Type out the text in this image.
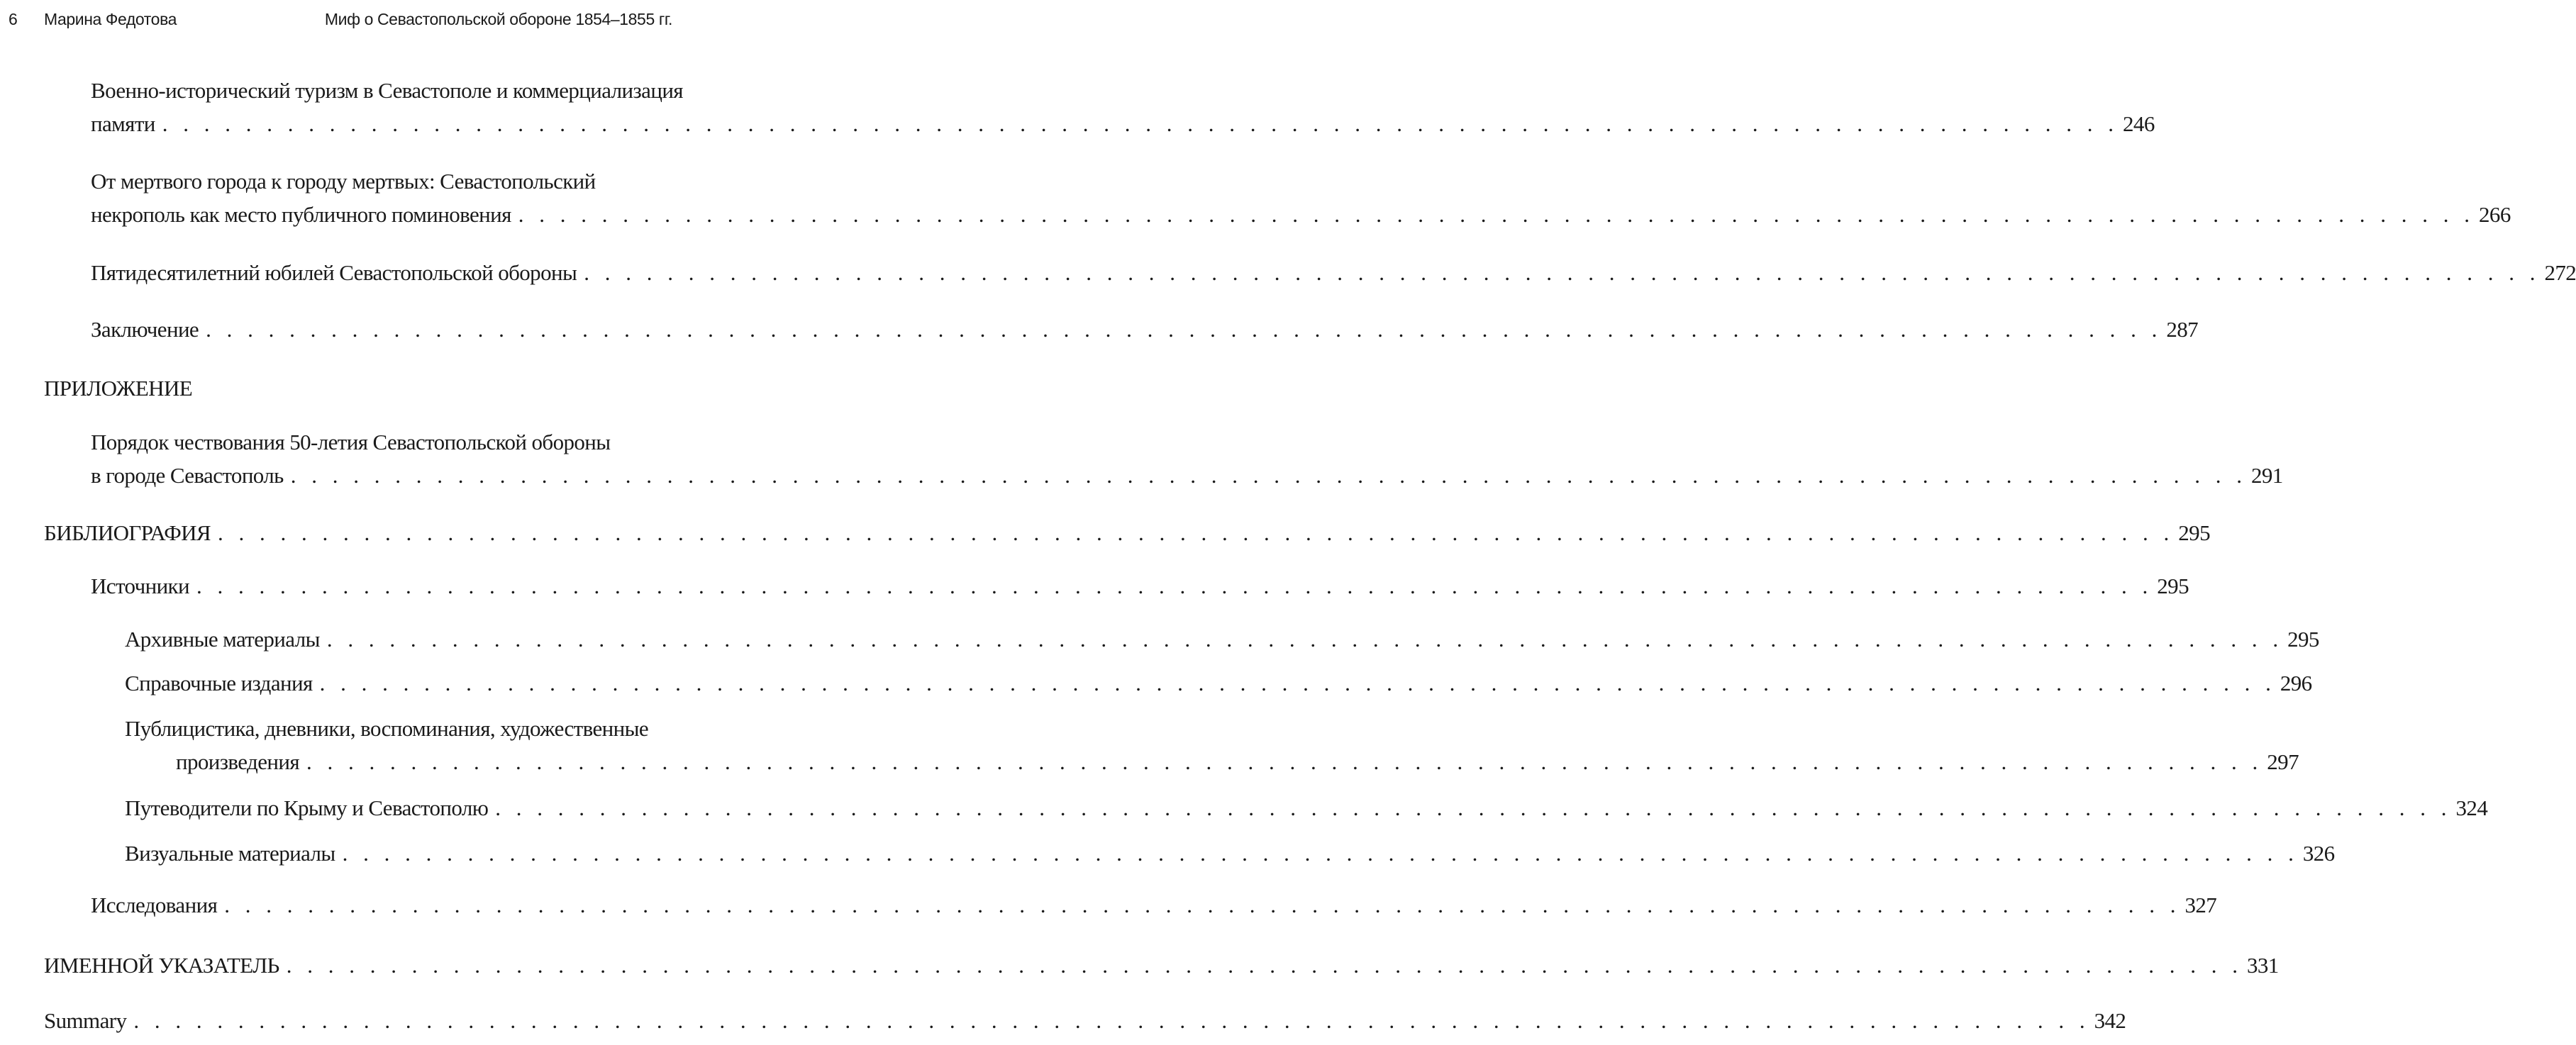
6 Марина Федотова	Миф о Севастопольской обороне 1854–1855 гг.
Военно-исторический туризм в Севастополе и коммерциализация
памяти . . . . . . . . . . . . . . . . . . . . . . . . . . . . . . . . . . . . . . . . . . . . . . . . . . . . . . . . . . . . . . . . . . . . . . . . . . . . . . . . . . . . . . . . . . . . . . 246
От мертвого города к городу мертвых: Севастопольский
некрополь как место публичного поминовения . . . . . . . . . . . . . . . . . . . . . . . . . . . . . . . . . . . . . . . . . . . . . . . . . . . . . . . . . . . . . . . . . . . . . . . . . . . . . . . . . . . . . . . . . . . . . . 266
Пятидесятилетний юбилей Севастопольской обороны . . . . . . . . . . . . . . . . . . . . . . . . . . . . . . . . . . . . . . . . . . . . . . . . . . . . . . . . . . . . . . . . . . . . . . . . . . . . . . . . . . . . . . . . . . . . . . 272
Заключение . . . . . . . . . . . . . . . . . . . . . . . . . . . . . . . . . . . . . . . . . . . . . . . . . . . . . . . . . . . . . . . . . . . . . . . . . . . . . . . . . . . . . . . . . . . . . . 287
ПРИЛОЖЕНИЕ
Порядок чествования 50-летия Севастопольской обороны
в городе Севастополь . . . . . . . . . . . . . . . . . . . . . . . . . . . . . . . . . . . . . . . . . . . . . . . . . . . . . . . . . . . . . . . . . . . . . . . . . . . . . . . . . . . . . . . . . . . . . . 291
БИБЛИОГРАФИЯ . . . . . . . . . . . . . . . . . . . . . . . . . . . . . . . . . . . . . . . . . . . . . . . . . . . . . . . . . . . . . . . . . . . . . . . . . . . . . . . . . . . . . . . . . . . . . . 295
Источники . . . . . . . . . . . . . . . . . . . . . . . . . . . . . . . . . . . . . . . . . . . . . . . . . . . . . . . . . . . . . . . . . . . . . . . . . . . . . . . . . . . . . . . . . . . . . . 295
Архивные материалы . . . . . . . . . . . . . . . . . . . . . . . . . . . . . . . . . . . . . . . . . . . . . . . . . . . . . . . . . . . . . . . . . . . . . . . . . . . . . . . . . . . . . . . . . . . . . . 295
Справочные издания . . . . . . . . . . . . . . . . . . . . . . . . . . . . . . . . . . . . . . . . . . . . . . . . . . . . . . . . . . . . . . . . . . . . . . . . . . . . . . . . . . . . . . . . . . . . . . 296
Публицистика, дневники, воспоминания, художественные
произведения . . . . . . . . . . . . . . . . . . . . . . . . . . . . . . . . . . . . . . . . . . . . . . . . . . . . . . . . . . . . . . . . . . . . . . . . . . . . . . . . . . . . . . . . . . . . . . 297
Путеводители по Крыму и Севастополю . . . . . . . . . . . . . . . . . . . . . . . . . . . . . . . . . . . . . . . . . . . . . . . . . . . . . . . . . . . . . . . . . . . . . . . . . . . . . . . . . . . . . . . . . . . . . . 324
Визуальные материалы . . . . . . . . . . . . . . . . . . . . . . . . . . . . . . . . . . . . . . . . . . . . . . . . . . . . . . . . . . . . . . . . . . . . . . . . . . . . . . . . . . . . . . . . . . . . . . 326
Исследования . . . . . . . . . . . . . . . . . . . . . . . . . . . . . . . . . . . . . . . . . . . . . . . . . . . . . . . . . . . . . . . . . . . . . . . . . . . . . . . . . . . . . . . . . . . . . . 327
ИМЕННОЙ УКАЗАТЕЛЬ . . . . . . . . . . . . . . . . . . . . . . . . . . . . . . . . . . . . . . . . . . . . . . . . . . . . . . . . . . . . . . . . . . . . . . . . . . . . . . . . . . . . . . . . . . . . . . 331
Summary . . . . . . . . . . . . . . . . . . . . . . . . . . . . . . . . . . . . . . . . . . . . . . . . . . . . . . . . . . . . . . . . . . . . . . . . . . . . . . . . . . . . . . . . . . . . . . 342
